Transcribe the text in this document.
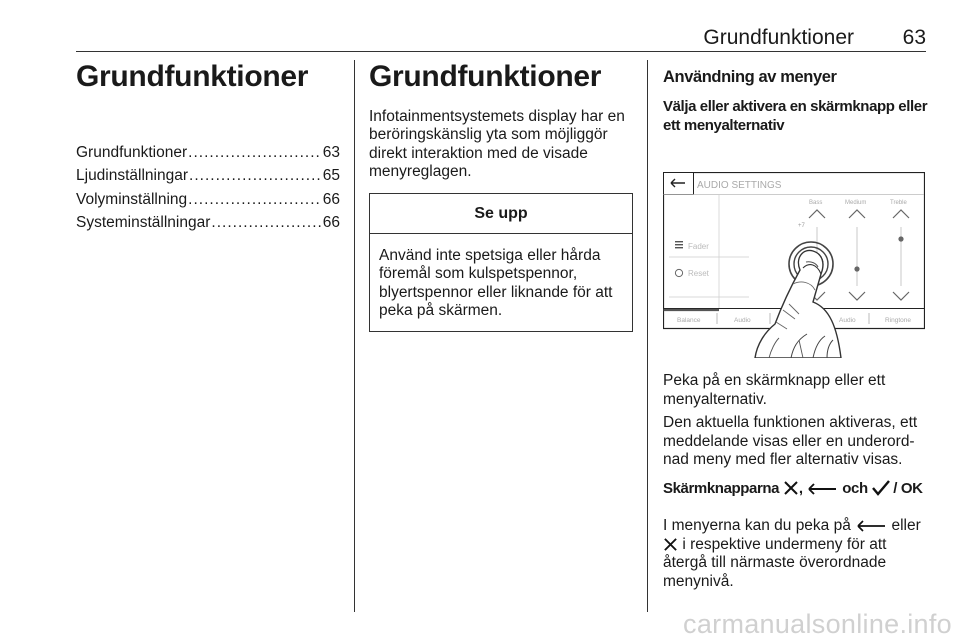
Grundfunktioner 63
Grundfunktioner
Grundfunktioner .....	63
Ljudinställningar .....	65
Volyminställning .....	66
Systeminställningar .....	66
Grundfunktioner

Infotainmentsystemets display har en beröringskänslig yta som möjliggör direkt interaktion med de visade menyreglagen.

Se upp
Använd inte spetsiga eller hårda föremål som kulspetspennor, blyertspennor eller liknande för att peka på skärmen.
Användning av menyer
Välja eller aktivera en skärmknapp eller ett menyalternativ
AUDIO SETTINGS
Fader
Reset
Bass	Medium	Treble
+7
Balance	Audio	Audio	Ringtone

Peka på en skärmknapp eller ett menyalternativ.

Den aktuella funktionen aktiveras, ett meddelande visas eller en underord-nad meny med fler alternativ visas.

Skärmknapparna ,	och / OK

I menyerna kan du peka på	eller  i respektive undermeny för att återgå till närmaste överordnade menynivå.

carmanualsonline.info
